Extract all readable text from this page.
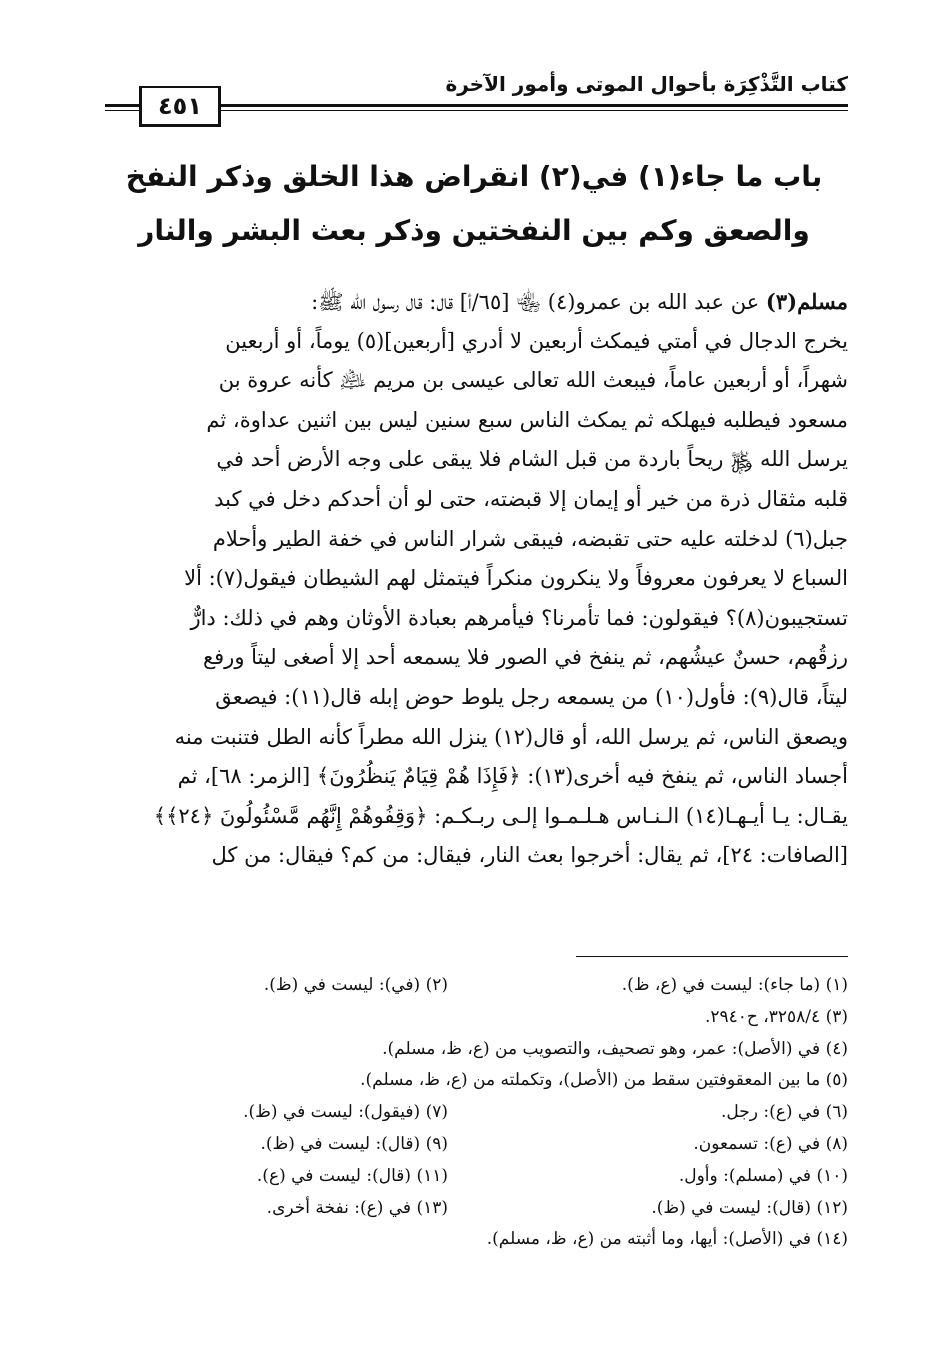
كتاب التَّذْكِرَة بأحوال الموتى وأمور الآخرة
٤٥١
باب ما جاء(١) في(٢) انقراض هذا الخلق وذكر النفخ
والصعق وكم بين النفختين وذكر بعث البشر والنار
مسلم(٣) عن عبد الله بن عمرو(٤) ﵄ [٦٥/أ] قال: قال رسول الله ﷺ:
يخرج الدجال في أمتي فيمكث أربعين لا أدري [أربعين](٥) يوماً، أو أربعين
شهراً، أو أربعين عاماً، فيبعث الله تعالى عيسى بن مريم ﵇ كأنه عروة بن
مسعود فيطلبه فيهلكه ثم يمكث الناس سبع سنين ليس بين اثنين عداوة، ثم
يرسل الله ﷿ ريحاً باردة من قبل الشام فلا يبقى على وجه الأرض أحد في
قلبه مثقال ذرة من خير أو إيمان إلا قبضته، حتى لو أن أحدكم دخل في كبد
جبل(٦) لدخلته عليه حتى تقبضه، فيبقى شرار الناس في خفة الطير وأحلام
السباع لا يعرفون معروفاً ولا ينكرون منكراً فيتمثل لهم الشيطان فيقول(٧): ألا
تستجيبون(٨)؟ فيقولون: فما تأمرنا؟ فيأمرهم بعبادة الأوثان وهم في ذلك: دارٌّ
رزقُهم، حسنٌ عيشُهم، ثم ينفخ في الصور فلا يسمعه أحد إلا أصغى ليتاً ورفع
ليتاً، قال(٩): فأول(١٠) من يسمعه رجل يلوط حوض إبله قال(١١): فيصعق
ويصعق الناس، ثم يرسل الله، أو قال(١٢) ينزل الله مطراً كأنه الطل فتنبت منه
أجساد الناس، ثم ينفخ فيه أخرى(١٣): ﴿فَإِذَا هُمْ قِيَامٌ يَنظُرُونَ﴾ [الزمر: ٦٨]، ثم
يقـال: يـا أيـهـا(١٤) الـنـاس هـلـمـوا إلـى ربـكـم: ﴿وَقِفُوهُمْ إِنَّهُم مَّسْئُولُونَ ﴿٢٤﴾﴾
[الصافات: ٢٤]، ثم يقال: أخرجوا بعث النار، فيقال: من كم؟ فيقال: من كل
(١) (ما جاء): ليست في (ع، ظ).
(٢) (في): ليست في (ظ).
(٣) ٣٢٥٨/٤، ح٢٩٤٠.
(٤) في (الأصل): عمر، وهو تصحيف، والتصويب من (ع، ظ، مسلم).
(٥) ما بين المعقوفتين سقط من (الأصل)، وتكملته من (ع، ظ، مسلم).
(٦) في (ع): رجل.
(٧) (فيقول): ليست في (ظ).
(٨) في (ع): تسمعون.
(٩) (قال): ليست في (ظ).
(١٠) في (مسلم): وأول.
(١١) (قال): ليست في (ع).
(١٢) (قال): ليست في (ظ).
(١٣) في (ع): نفخة أخرى.
(١٤) في (الأصل): أيها، وما أثبته من (ع، ظ، مسلم).
